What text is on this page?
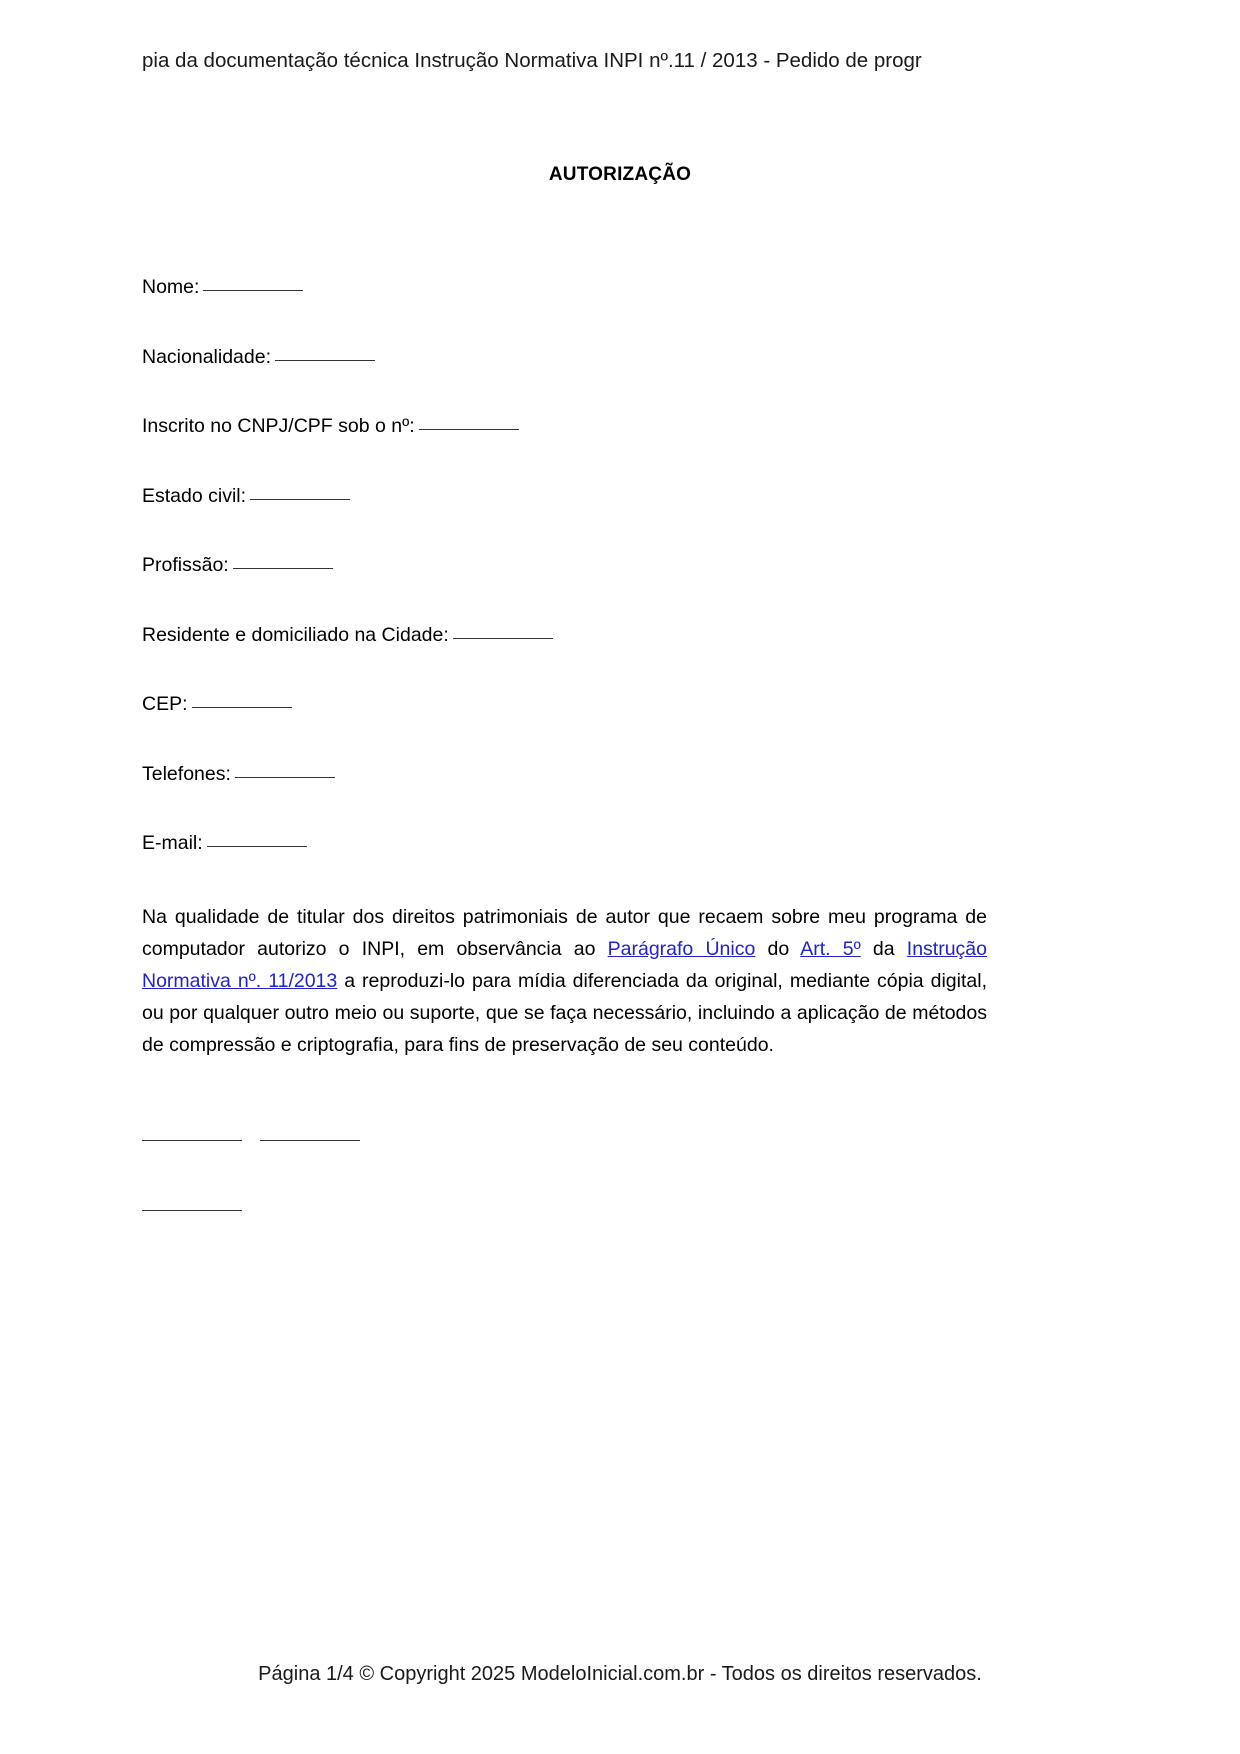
pia da documentação técnica Instrução Normativa INPI nº.11 / 2013 - Pedido de progr
AUTORIZAÇÃO
Nome:
Nacionalidade:
Inscrito no CNPJ/CPF sob o nº:
Estado civil:
Profissão:
Residente e domiciliado na Cidade:
CEP:
Telefones:
E-mail:

Na qualidade de titular dos direitos patrimoniais de autor que recaem sobre meu programa de computador autorizo o INPI, em observância ao Parágrafo Único do Art. 5º da Instrução Normativa nº. 11/2013 a reproduzi-lo para mídia diferenciada da original, mediante cópia digital, ou por qualquer outro meio ou suporte, que se faça necessário, incluindo a aplicação de métodos de compressão e criptografia, para fins de preservação de seu conteúdo.

Página 1/4 © Copyright 2025 ModeloInicial.com.br - Todos os direitos reservados.
